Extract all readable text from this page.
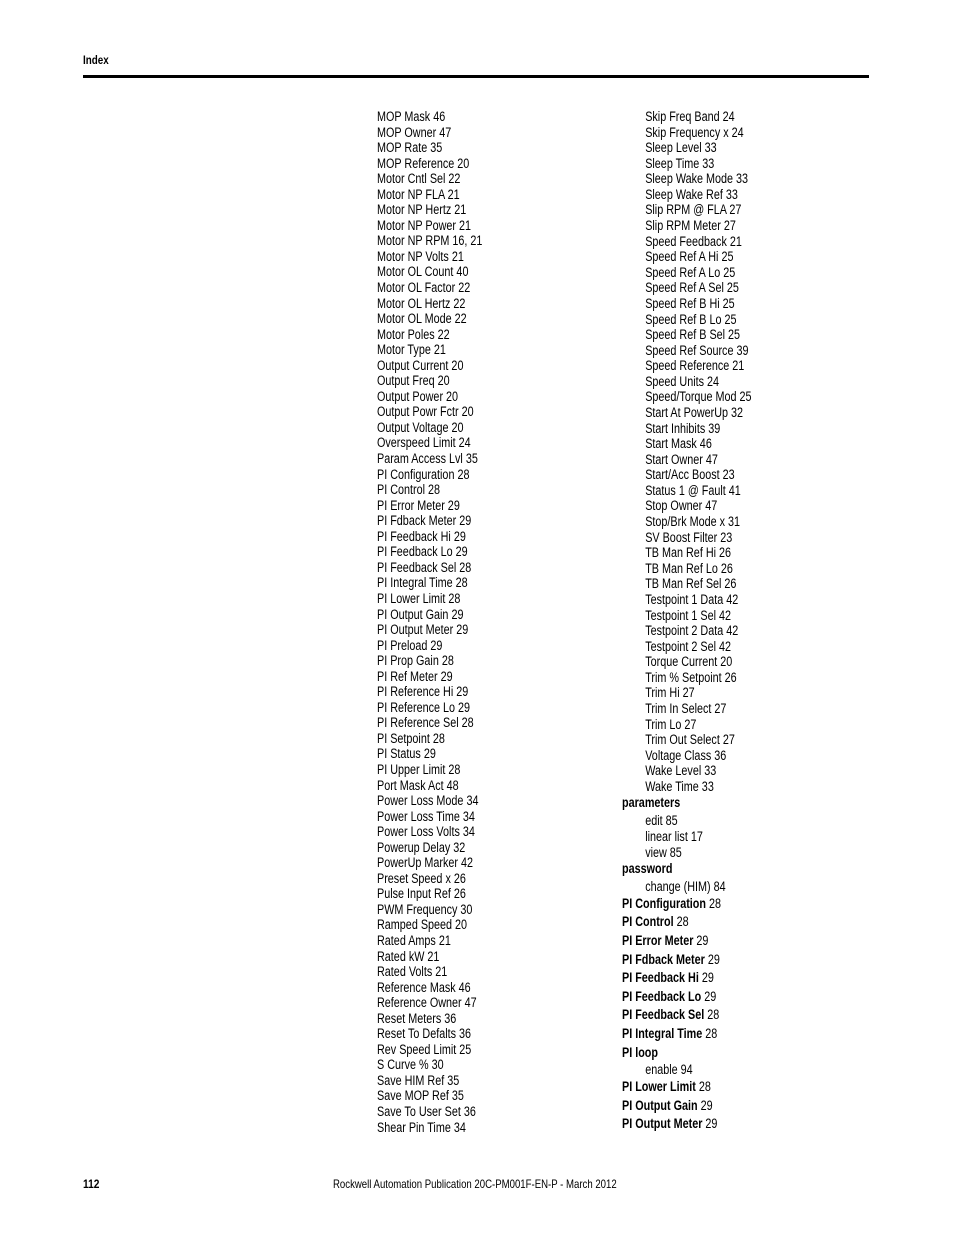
Index
MOP Mask 46
MOP Owner 47
MOP Rate 35
MOP Reference 20
Motor Cntl Sel 22
Motor NP FLA 21
Motor NP Hertz 21
Motor NP Power 21
Motor NP RPM 16, 21
Motor NP Volts 21
Motor OL Count 40
Motor OL Factor 22
Motor OL Hertz 22
Motor OL Mode 22
Motor Poles 22
Motor Type 21
Output Current 20
Output Freq 20
Output Power 20
Output Powr Fctr 20
Output Voltage 20
Overspeed Limit 24
Param Access Lvl 35
PI Configuration 28
PI Control 28
PI Error Meter 29
PI Fdback Meter 29
PI Feedback Hi 29
PI Feedback Lo 29
PI Feedback Sel 28
PI Integral Time 28
PI Lower Limit 28
PI Output Gain 29
PI Output Meter 29
PI Preload 29
PI Prop Gain 28
PI Ref Meter 29
PI Reference Hi 29
PI Reference Lo 29
PI Reference Sel 28
PI Setpoint 28
PI Status 29
PI Upper Limit 28
Port Mask Act 48
Power Loss Mode 34
Power Loss Time 34
Power Loss Volts 34
Powerup Delay 32
PowerUp Marker 42
Preset Speed x 26
Pulse Input Ref 26
PWM Frequency 30
Ramped Speed 20
Rated Amps 21
Rated kW 21
Rated Volts 21
Reference Mask 46
Reference Owner 47
Reset Meters 36
Reset To Defalts 36
Rev Speed Limit 25
S Curve % 30
Save HIM Ref 35
Save MOP Ref 35
Save To User Set 36
Shear Pin Time 34
Skip Freq Band 24
Skip Frequency x 24
Sleep Level 33
Sleep Time 33
Sleep Wake Mode 33
Sleep Wake Ref 33
Slip RPM @ FLA 27
Slip RPM Meter 27
Speed Feedback 21
Speed Ref A Hi 25
Speed Ref A Lo 25
Speed Ref A Sel 25
Speed Ref B Hi 25
Speed Ref B Lo 25
Speed Ref B Sel 25
Speed Ref Source 39
Speed Reference 21
Speed Units 24
Speed/Torque Mod 25
Start At PowerUp 32
Start Inhibits 39
Start Mask 46
Start Owner 47
Start/Acc Boost 23
Status 1 @ Fault 41
Stop Owner 47
Stop/Brk Mode x 31
SV Boost Filter 23
TB Man Ref Hi 26
TB Man Ref Lo 26
TB Man Ref Sel 26
Testpoint 1 Data 42
Testpoint 1 Sel 42
Testpoint 2 Data 42
Testpoint 2 Sel 42
Torque Current 20
Trim % Setpoint 26
Trim Hi 27
Trim In Select 27
Trim Lo 27
Trim Out Select 27
Voltage Class 36
Wake Level 33
Wake Time 33
parameters
edit 85
linear list 17
view 85
password
change (HIM) 84
PI Configuration 28
PI Control 28
PI Error Meter 29
PI Fdback Meter 29
PI Feedback Hi 29
PI Feedback Lo 29
PI Feedback Sel 28
PI Integral Time 28
PI loop
enable 94
PI Lower Limit 28
PI Output Gain 29
PI Output Meter 29
112	Rockwell Automation Publication 20C-PM001F-EN-P - March 2012
